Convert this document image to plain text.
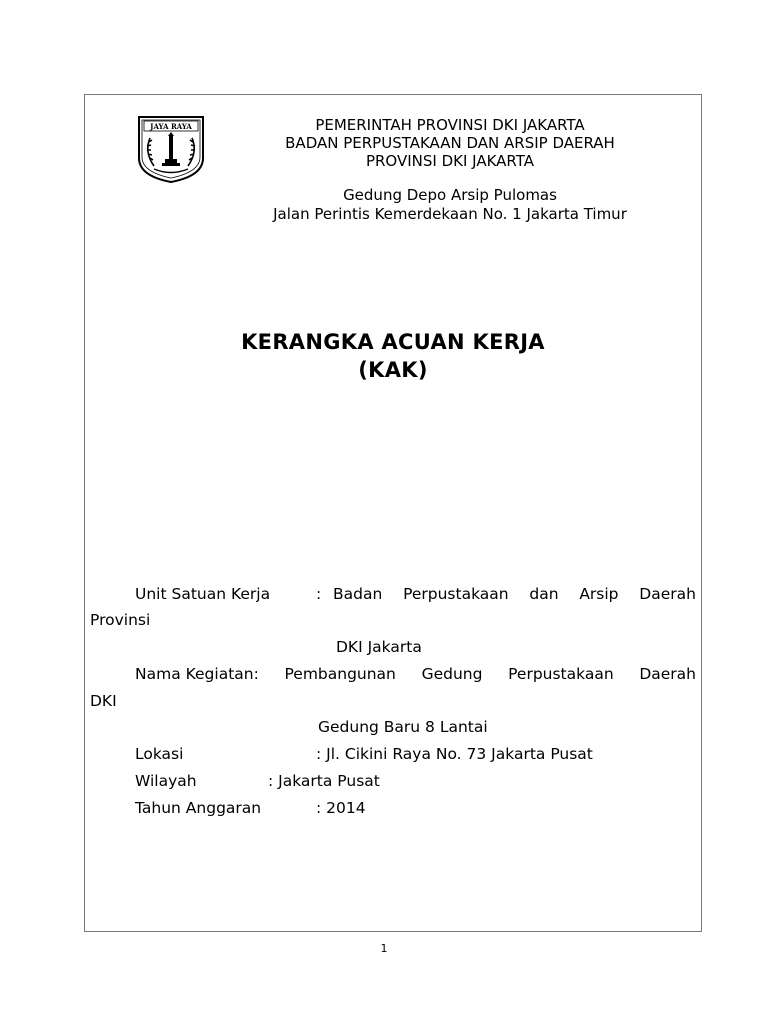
JAYA RAYA	PEMERINTAH PROVINSI DKI JAKARTA
BADAN PERPUSTAKAAN DAN ARSIP DAERAH
PROVINSI DKI JAKARTA
Gedung Depo Arsip Pulomas
Jalan Perintis Kemerdekaan No. 1 Jakarta Timur
KERANGKA ACUAN KERJA
(KAK)
Unit Satuan Kerja	: Badan Perpustakaan dan Arsip Daerah
Provinsi
DKI Jakarta
Nama Kegiatan: Pembangunan Gedung Perpustakaan Daerah
DKI
Gedung Baru 8 Lantai
Lokasi	: Jl. Cikini Raya No. 73 Jakarta Pusat
Wilayah	: Jakarta Pusat
Tahun Anggaran	: 2014
1
